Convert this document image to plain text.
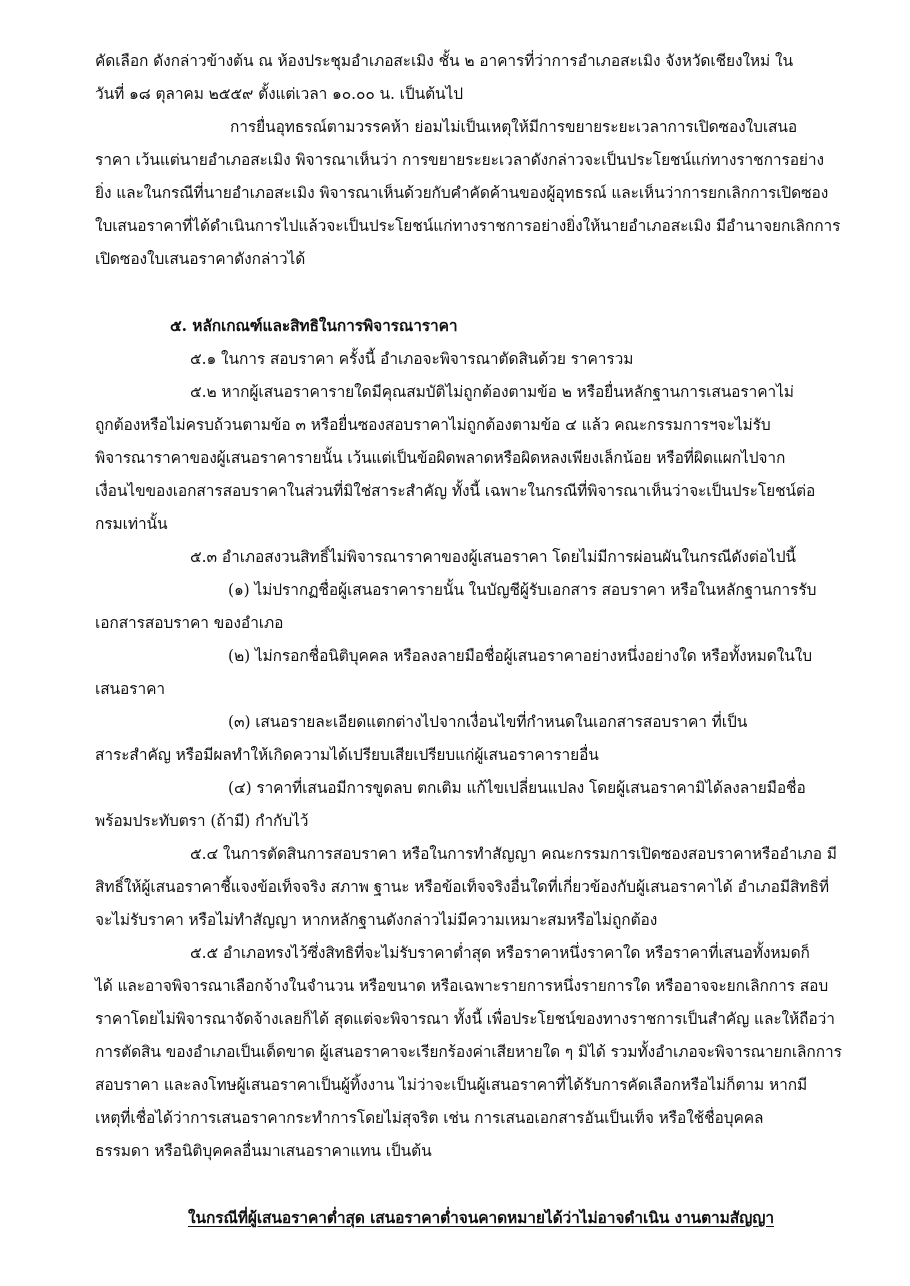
คัดเลือก ดังกล่าวข้างต้น ณ ห้องประชุมอำเภอสะเมิง ชั้น ๒ อาคารที่ว่าการอำเภอสะเมิง จังหวัดเชียงใหม่ ใน
วันที่ ๑๘ ตุลาคม ๒๕๕๙ ตั้งแต่เวลา ๑๐.๐๐ น. เป็นต้นไป
การยื่นอุทธรณ์ตามวรรคห้า ย่อมไม่เป็นเหตุให้มีการขยายระยะเวลาการเปิดซองใบเสนอ
ราคา เว้นแต่นายอำเภอสะเมิง พิจารณาเห็นว่า การขยายระยะเวลาดังกล่าวจะเป็นประโยชน์แก่ทางราชการอย่าง
ยิ่ง และในกรณีที่นายอำเภอสะเมิง พิจารณาเห็นด้วยกับคำคัดค้านของผู้อุทธรณ์ และเห็นว่าการยกเลิกการเปิดซอง
ใบเสนอราคาที่ได้ดำเนินการไปแล้วจะเป็นประโยชน์แก่ทางราชการอย่างยิ่งให้นายอำเภอสะเมิง มีอำนาจยกเลิกการ
เปิดซองใบเสนอราคาดังกล่าวได้
๕. หลักเกณฑ์และสิทธิในการพิจารณาราคา
๕.๑ ในการ สอบราคา ครั้งนี้ อำเภอจะพิจารณาตัดสินด้วย ราคารวม
๕.๒ หากผู้เสนอราคารายใดมีคุณสมบัติไม่ถูกต้องตามข้อ ๒ หรือยื่นหลักฐานการเสนอราคาไม่
ถูกต้องหรือไม่ครบถ้วนตามข้อ ๓ หรือยื่นซองสอบราคาไม่ถูกต้องตามข้อ ๔ แล้ว คณะกรรมการฯจะไม่รับ
พิจารณาราคาของผู้เสนอราคารายนั้น เว้นแต่เป็นข้อผิดพลาดหรือผิดหลงเพียงเล็กน้อย หรือที่ผิดแผกไปจาก
เงื่อนไขของเอกสารสอบราคาในส่วนที่มิใช่สาระสำคัญ ทั้งนี้ เฉพาะในกรณีที่พิจารณาเห็นว่าจะเป็นประโยชน์ต่อ
กรมเท่านั้น
๕.๓ อำเภอสงวนสิทธิ์ไม่พิจารณาราคาของผู้เสนอราคา โดยไม่มีการผ่อนผันในกรณีดังต่อไปนี้
(๑) ไม่ปรากฏชื่อผู้เสนอราคารายนั้น ในบัญชีผู้รับเอกสาร สอบราคา หรือในหลักฐานการรับ
เอกสารสอบราคา ของอำเภอ
(๒) ไม่กรอกชื่อนิติบุคคล หรือลงลายมือชื่อผู้เสนอราคาอย่างหนึ่งอย่างใด หรือทั้งหมดในใบ
เสนอราคา
(๓) เสนอรายละเอียดแตกต่างไปจากเงื่อนไขที่กำหนดในเอกสารสอบราคา ที่เป็น
สาระสำคัญ หรือมีผลทำให้เกิดความได้เปรียบเสียเปรียบแก่ผู้เสนอราคารายอื่น
(๔) ราคาที่เสนอมีการขูดลบ ตกเติม แก้ไขเปลี่ยนแปลง โดยผู้เสนอราคามิได้ลงลายมือชื่อ
พร้อมประทับตรา (ถ้ามี) กำกับไว้
๕.๔ ในการตัดสินการสอบราคา หรือในการทำสัญญา คณะกรรมการเปิดซองสอบราคาหรืออำเภอ มี
สิทธิ์ให้ผู้เสนอราคาชี้แจงข้อเท็จจริง สภาพ ฐานะ หรือข้อเท็จจริงอื่นใดที่เกี่ยวข้องกับผู้เสนอราคาได้ อำเภอมีสิทธิที่
จะไม่รับราคา หรือไม่ทำสัญญา หากหลักฐานดังกล่าวไม่มีความเหมาะสมหรือไม่ถูกต้อง
๕.๕ อำเภอทรงไว้ซึ่งสิทธิที่จะไม่รับราคาต่ำสุด หรือราคาหนึ่งราคาใด หรือราคาที่เสนอทั้งหมดก็
ได้ และอาจพิจารณาเลือกจ้างในจำนวน หรือขนาด หรือเฉพาะรายการหนึ่งรายการใด หรืออาจจะยกเลิกการ สอบ
ราคาโดยไม่พิจารณาจัดจ้างเลยก็ได้ สุดแต่จะพิจารณา ทั้งนี้ เพื่อประโยชน์ของทางราชการเป็นสำคัญ และให้ถือว่า
การตัดสิน ของอำเภอเป็นเด็ดขาด ผู้เสนอราคาจะเรียกร้องค่าเสียหายใด ๆ มิได้ รวมทั้งอำเภอจะพิจารณายกเลิกการ
สอบราคา และลงโทษผู้เสนอราคาเป็นผู้ทิ้งงาน ไม่ว่าจะเป็นผู้เสนอราคาที่ได้รับการคัดเลือกหรือไม่ก็ตาม หากมี
เหตุที่เชื่อได้ว่าการเสนอราคากระทำการโดยไม่สุจริต เช่น การเสนอเอกสารอันเป็นเท็จ หรือใช้ชื่อบุคคล
ธรรมดา หรือนิติบุคคลอื่นมาเสนอราคาแทน เป็นต้น
ในกรณีที่ผู้เสนอราคาต่ำสุด เสนอราคาต่ำจนคาดหมายได้ว่าไม่อาจดำเนิน งานตามสัญญา
